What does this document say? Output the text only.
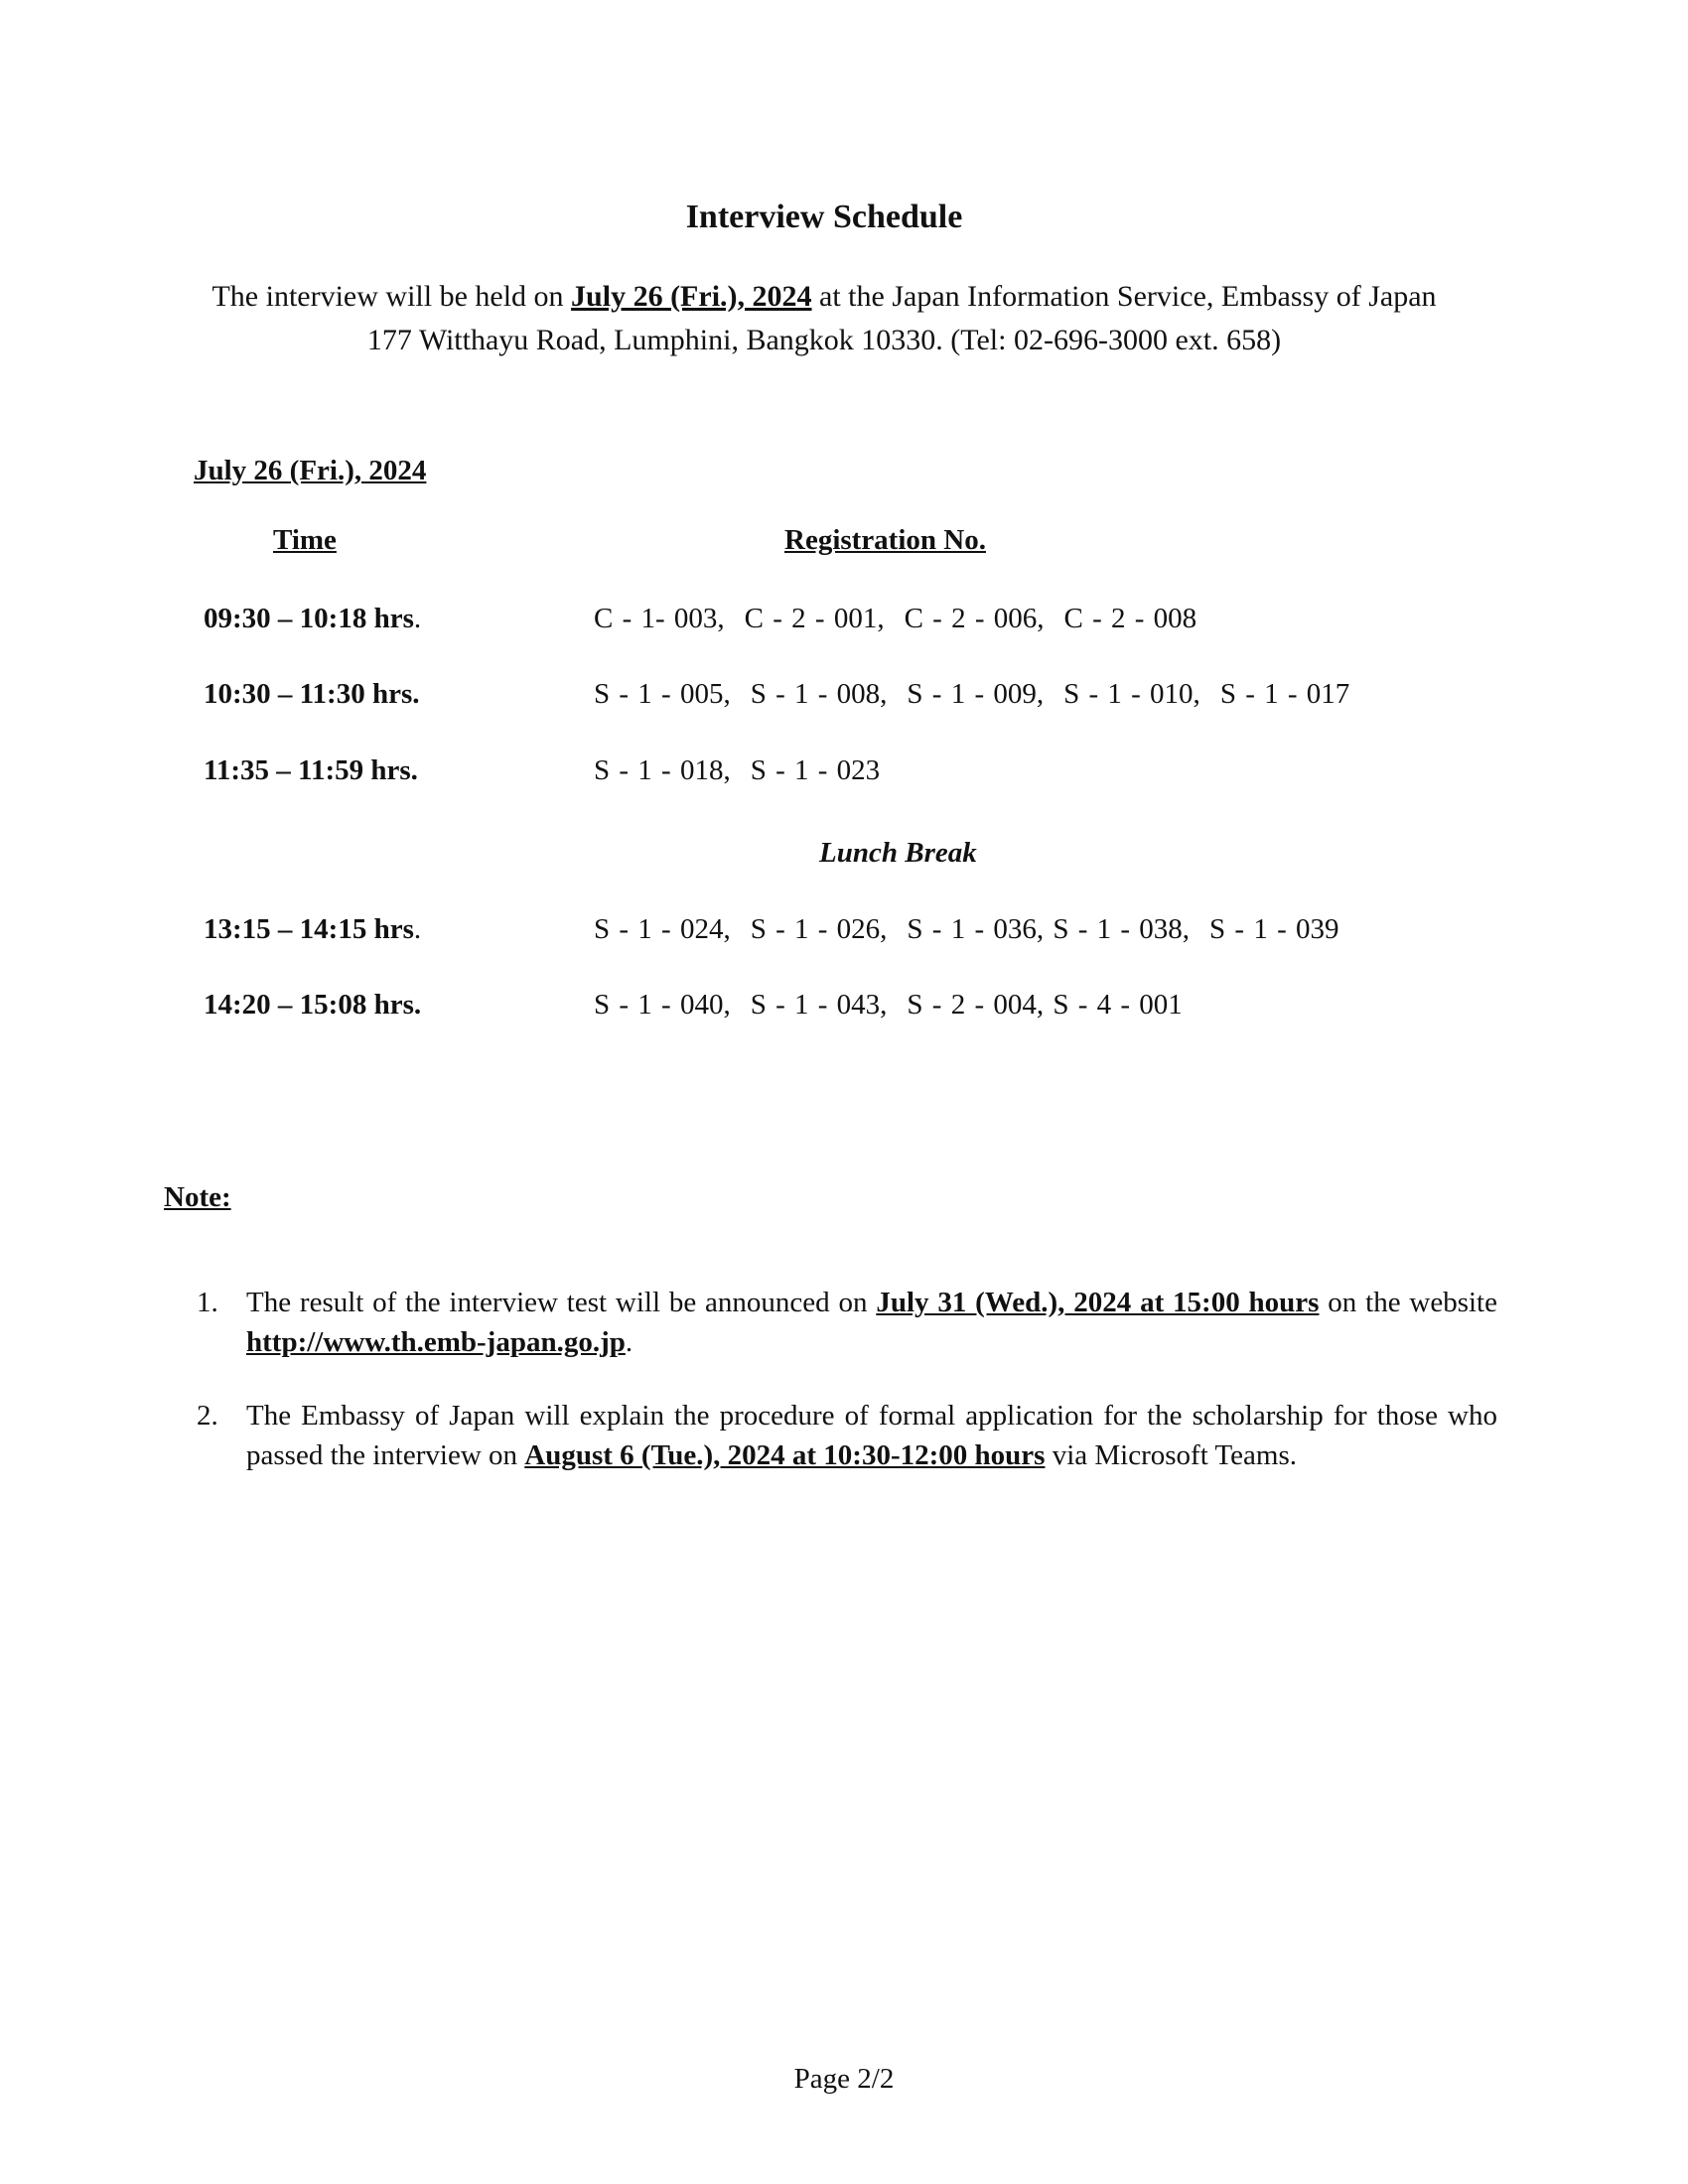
Interview Schedule
The interview will be held on July 26 (Fri.), 2024 at the Japan Information Service, Embassy of Japan
177 Witthayu Road, Lumphini, Bangkok 10330. (Tel: 02-696-3000 ext. 658)
July 26 (Fri.), 2024
Time	Registration No.
09:30 – 10:18 hrs.	C - 1- 003, C - 2 - 001, C - 2 - 006, C - 2 - 008
10:30 – 11:30 hrs.	S - 1 - 005, S - 1 - 008, S - 1 - 009, S - 1 - 010, S - 1 - 017
11:35 – 11:59 hrs.	S - 1 - 018, S - 1 - 023
Lunch Break
13:15 – 14:15 hrs.	S - 1 - 024, S - 1 - 026, S - 1 - 036, S - 1 - 038, S - 1 - 039
14:20 – 15:08 hrs.	S - 1 - 040, S - 1 - 043, S - 2 - 004, S - 4 - 001
Note:
1. The result of the interview test will be announced on July 31 (Wed.), 2024 at 15:00 hours on the website http://www.th.emb-japan.go.jp.
2. The Embassy of Japan will explain the procedure of formal application for the scholarship for those who passed the interview on August 6 (Tue.), 2024 at 10:30-12:00 hours via Microsoft Teams.
Page 2/2
